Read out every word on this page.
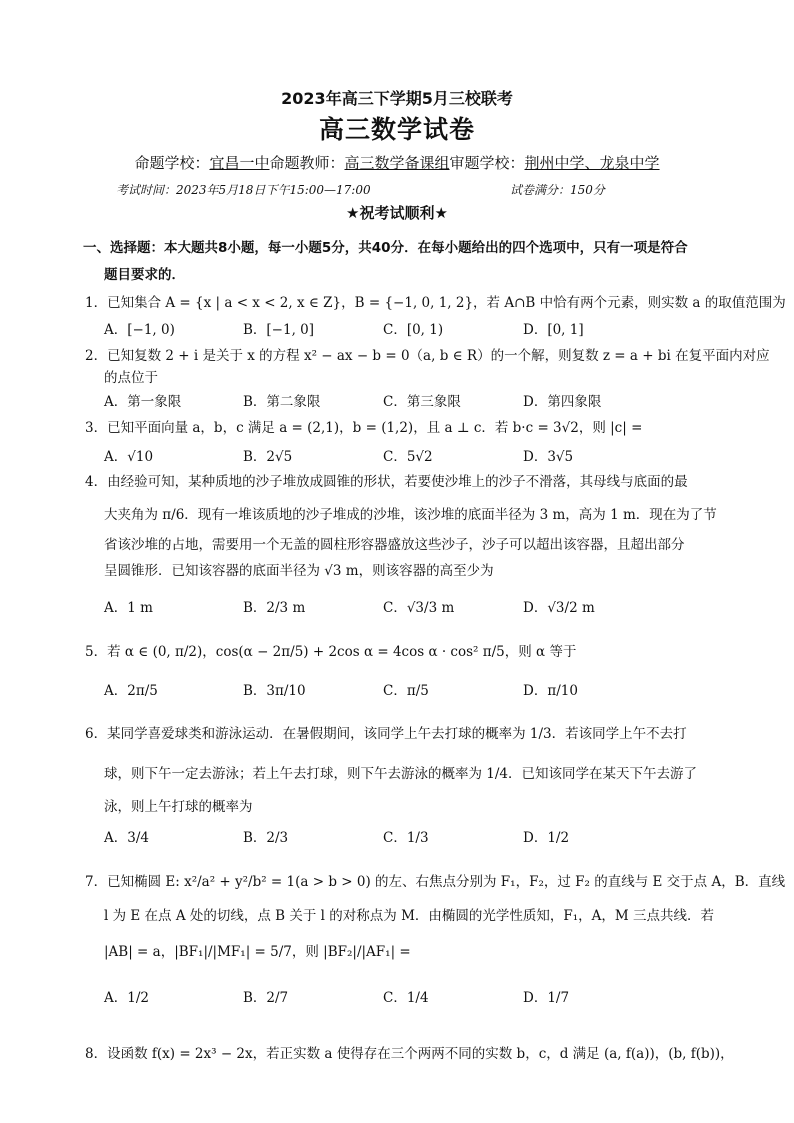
2023年高三下学期5月三校联考
高三数学试卷
命题学校：宜昌一中命题教师：高三数学备课组审题学校：荆州中学、龙泉中学
考试时间：2023年5月18日下午15:00—17:00	试卷满分：150分
★祝考试顺利★
一、选择题：本大题共8小题，每一小题5分，共40分．在每小题给出的四个选项中，只有一项是符合
题目要求的．
1．已知集合 A = {x | a < x < 2, x ∈ Z}，B = {−1, 0, 1, 2}，若 A∩B 中恰有两个元素，则实数 a 的取值范围为
A．[−1, 0)	B．[−1, 0]	C．[0, 1)	D．[0, 1]
2．已知复数 2 + i 是关于 x 的方程 x² − ax − b = 0（a, b ∈ R）的一个解，则复数 z = a + bi 在复平面内对应
的点位于
A．第一象限	B．第二象限	C．第三象限	D．第四象限
3．已知平面向量 a，b，c 满足 a = (2,1)，b = (1,2)，且 a ⊥ c．若 b·c = 3√2，则 |c| =
A．√10	B．2√5	C．5√2	D．3√5
4．由经验可知，某种质地的沙子堆放成圆锥的形状，若要使沙堆上的沙子不滑落，其母线与底面的最
大夹角为 π/6．现有一堆该质地的沙子堆成的沙堆，该沙堆的底面半径为 3 m，高为 1 m．现在为了节
省该沙堆的占地，需要用一个无盖的圆柱形容器盛放这些沙子，沙子可以超出该容器，且超出部分
呈圆锥形．已知该容器的底面半径为 √3 m，则该容器的高至少为
A．1 m	B．2/3 m	C．√3/3 m	D．√3/2 m
5．若 α ∈ (0, π/2)，cos(α − 2π/5) + 2cos α = 4cos α · cos² π/5，则 α 等于
A．2π/5	B．3π/10	C．π/5	D．π/10
6．某同学喜爱球类和游泳运动．在暑假期间，该同学上午去打球的概率为 1/3．若该同学上午不去打
球，则下午一定去游泳；若上午去打球，则下午去游泳的概率为 1/4．已知该同学在某天下午去游了
泳，则上午打球的概率为
A．3/4	B．2/3	C．1/3	D．1/2
7．已知椭圆 E: x²/a² + y²/b² = 1(a > b > 0) 的左、右焦点分别为 F₁，F₂，过 F₂ 的直线与 E 交于点 A，B．直线
l 为 E 在点 A 处的切线，点 B 关于 l 的对称点为 M．由椭圆的光学性质知，F₁，A，M 三点共线．若
|AB| = a，|BF₁|/|MF₁| = 5/7，则 |BF₂|/|AF₁| =
A．1/2	B．2/7	C．1/4	D．1/7
8．设函数 f(x) = 2x³ − 2x，若正实数 a 使得存在三个两两不同的实数 b，c，d 满足 (a, f(a))，(b, f(b))，
